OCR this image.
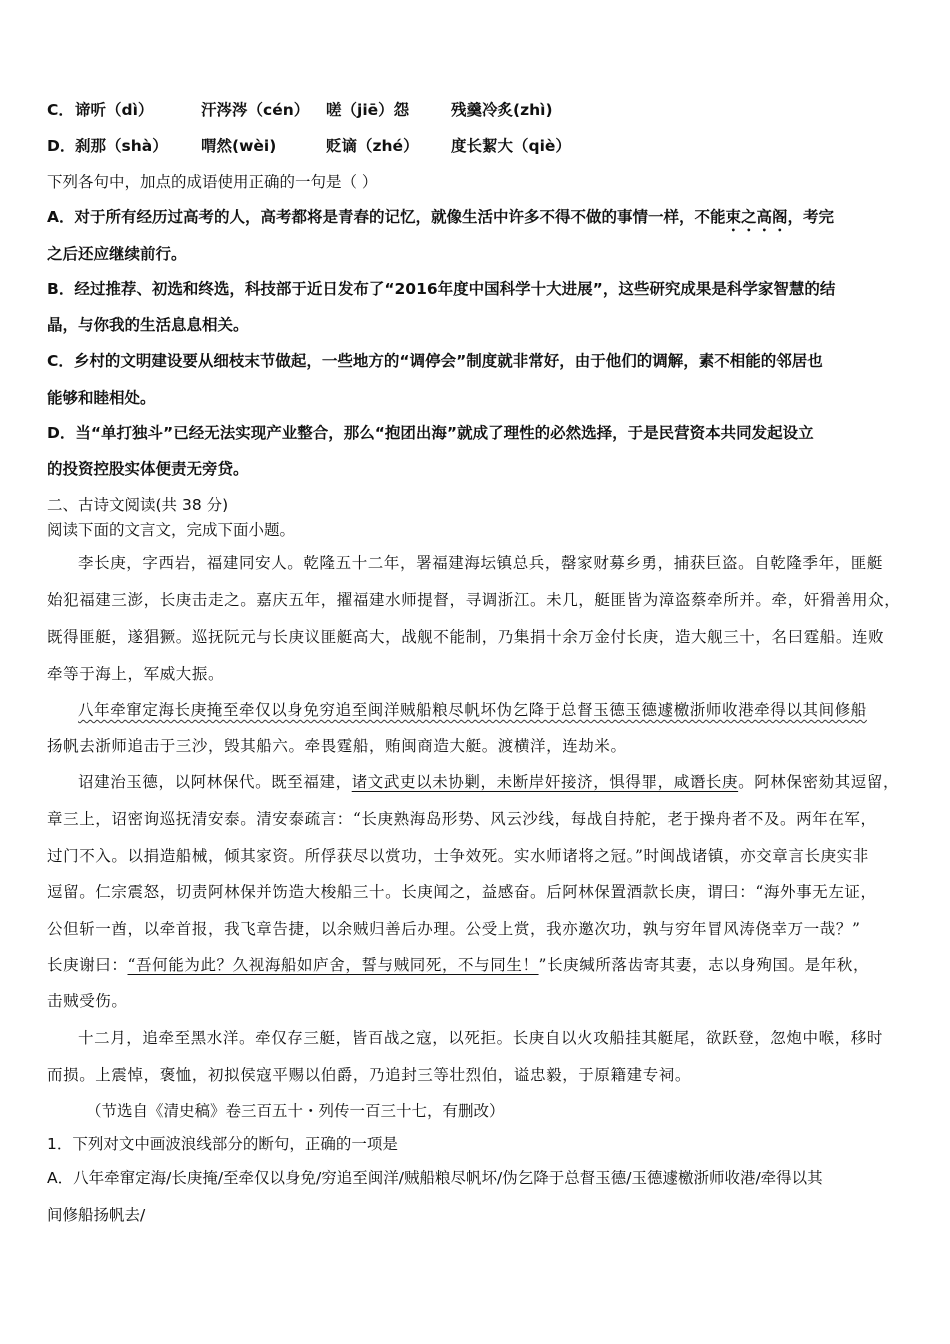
C．谛听（dì）	汗涔涔（cén） 嗟（jiē）怨	残羹冷炙(zhì)
D．刹那（shà） 喟然(wèi)	贬谪（zhé） 度长絜大（qiè）
下列各句中，加点的成语使用正确的一句是（ ）
A．对于所有经历过高考的人，高考都将是青春的记忆，就像生活中许多不得不做的事情一样，不能束之高阁，考完
之后还应继续前行。
B．经过推荐、初选和终选，科技部于近日发布了“2016年度中国科学十大进展”，这些研究成果是科学家智慧的结
晶，与你我的生活息息相关。
C．乡村的文明建设要从细枝末节做起，一些地方的“调停会”制度就非常好，由于他们的调解，素不相能的邻居也
能够和睦相处。
D．当“单打独斗”已经无法实现产业整合，那么“抱团出海”就成了理性的必然选择，于是民营资本共同发起设立
的投资控股实体便责无旁贷。
二、古诗文阅读(共 38 分)
阅读下面的文言文，完成下面小题。
李长庚，字西岩，福建同安人。乾隆五十二年，署福建海坛镇总兵，罄家财募乡勇，捕获巨盗。自乾隆季年，匪艇
始犯福建三澎，长庚击走之。嘉庆五年，擢福建水师提督，寻调浙江。未几，艇匪皆为漳盗蔡牵所并。牵，奸猾善用众，
既得匪艇，遂猖獗。巡抚阮元与长庚议匪艇高大，战舰不能制，乃集捐十余万金付长庚，造大舰三十，名曰霆船。连败
牵等于海上，军威大振。
八年牵窜定海长庚掩至牵仅以身免穷追至闽洋贼船粮尽帆坏伪乞降于总督玉德玉德遽檄浙师收港牵得以其间修船
扬帆去浙师追击于三沙，毁其船六。牵畏霆船，贿闽商造大艇。渡横洋，连劫米。
诏建治玉德，以阿林保代。既至福建，诸文武吏以未协剿，未断岸奸接济，惧得罪，咸谮长庚。阿林保密劾其逗留，
章三上，诏密询巡抚清安泰。清安泰疏言：“长庚熟海岛形势、风云沙线，每战自持舵，老于操舟者不及。两年在军，
过门不入。以捐造船械，倾其家资。所俘获尽以赏功，士争效死。实水师诸将之冠。”时闽战诸镇，亦交章言长庚实非
逗留。仁宗震怒，切责阿林保并饬造大梭船三十。长庚闻之，益感奋。后阿林保置酒款长庚，谓曰：“海外事无左证，
公但斩一酋，以牵首报，我飞章告捷，以余贼归善后办理。公受上赏，我亦邀次功，孰与穷年冒风涛侥幸万一哉？”
长庚谢曰：“吾何能为此？久视海船如庐舍，誓与贼同死，不与同生！”长庚缄所落齿寄其妻，志以身殉国。是年秋，
击贼受伤。
十二月，追牵至黑水洋。牵仅存三艇，皆百战之寇，以死拒。长庚自以火攻船挂其艇尾，欲跃登，忽炮中喉，移时
而损。上震悼，褒恤，初拟侯寇平赐以伯爵，乃追封三等壮烈伯，谥忠毅，于原籍建专祠。
（节选自《清史稿》卷三百五十・列传一百三十七，有删改）
1．下列对文中画波浪线部分的断句，正确的一项是
A．八年牵窜定海/长庚掩/至牵仅以身免/穷追至闽洋/贼船粮尽帆坏/伪乞降于总督玉德/玉德遽檄浙师收港/牵得以其
间修船扬帆去/
